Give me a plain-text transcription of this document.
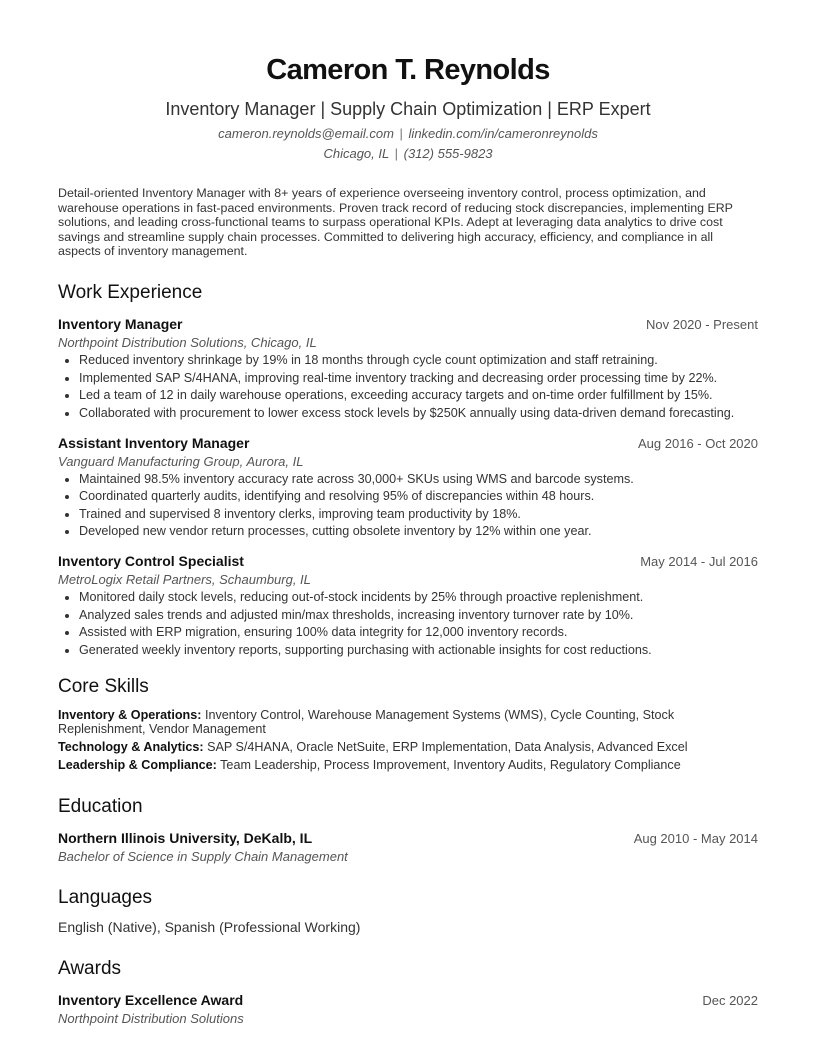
Cameron T. Reynolds
Inventory Manager | Supply Chain Optimization | ERP Expert
cameron.reynolds@email.com | linkedin.com/in/cameronreynolds
Chicago, IL | (312) 555-9823

Detail-oriented Inventory Manager with 8+ years of experience overseeing inventory control, process optimization, and warehouse operations in fast-paced environments. Proven track record of reducing stock discrepancies, implementing ERP solutions, and leading cross-functional teams to surpass operational KPIs. Adept at leveraging data analytics to drive cost savings and streamline supply chain processes. Committed to delivering high accuracy, efficiency, and compliance in all aspects of inventory management.

Work Experience
Inventory Manager	Nov 2020 - Present
Northpoint Distribution Solutions, Chicago, IL
• Reduced inventory shrinkage by 19% in 18 months through cycle count optimization and staff retraining.
• Implemented SAP S/4HANA, improving real-time inventory tracking and decreasing order processing time by 22%.
• Led a team of 12 in daily warehouse operations, exceeding accuracy targets and on-time order fulfillment by 15%.
• Collaborated with procurement to lower excess stock levels by $250K annually using data-driven demand forecasting.
Assistant Inventory Manager	Aug 2016 - Oct 2020
Vanguard Manufacturing Group, Aurora, IL
• Maintained 98.5% inventory accuracy rate across 30,000+ SKUs using WMS and barcode systems.
• Coordinated quarterly audits, identifying and resolving 95% of discrepancies within 48 hours.
• Trained and supervised 8 inventory clerks, improving team productivity by 18%.
• Developed new vendor return processes, cutting obsolete inventory by 12% within one year.
Inventory Control Specialist	May 2014 - Jul 2016
MetroLogix Retail Partners, Schaumburg, IL
• Monitored daily stock levels, reducing out-of-stock incidents by 25% through proactive replenishment.
• Analyzed sales trends and adjusted min/max thresholds, increasing inventory turnover rate by 10%.
• Assisted with ERP migration, ensuring 100% data integrity for 12,000 inventory records.
• Generated weekly inventory reports, supporting purchasing with actionable insights for cost reductions.
Core Skills
Inventory & Operations: Inventory Control, Warehouse Management Systems (WMS), Cycle Counting, Stock Replenishment, Vendor Management
Technology & Analytics: SAP S/4HANA, Oracle NetSuite, ERP Implementation, Data Analysis, Advanced Excel
Leadership & Compliance: Team Leadership, Process Improvement, Inventory Audits, Regulatory Compliance
Education
Northern Illinois University, DeKalb, IL	Aug 2010 - May 2014
Bachelor of Science in Supply Chain Management
Languages
English (Native), Spanish (Professional Working)
Awards
Inventory Excellence Award	Dec 2022
Northpoint Distribution Solutions
